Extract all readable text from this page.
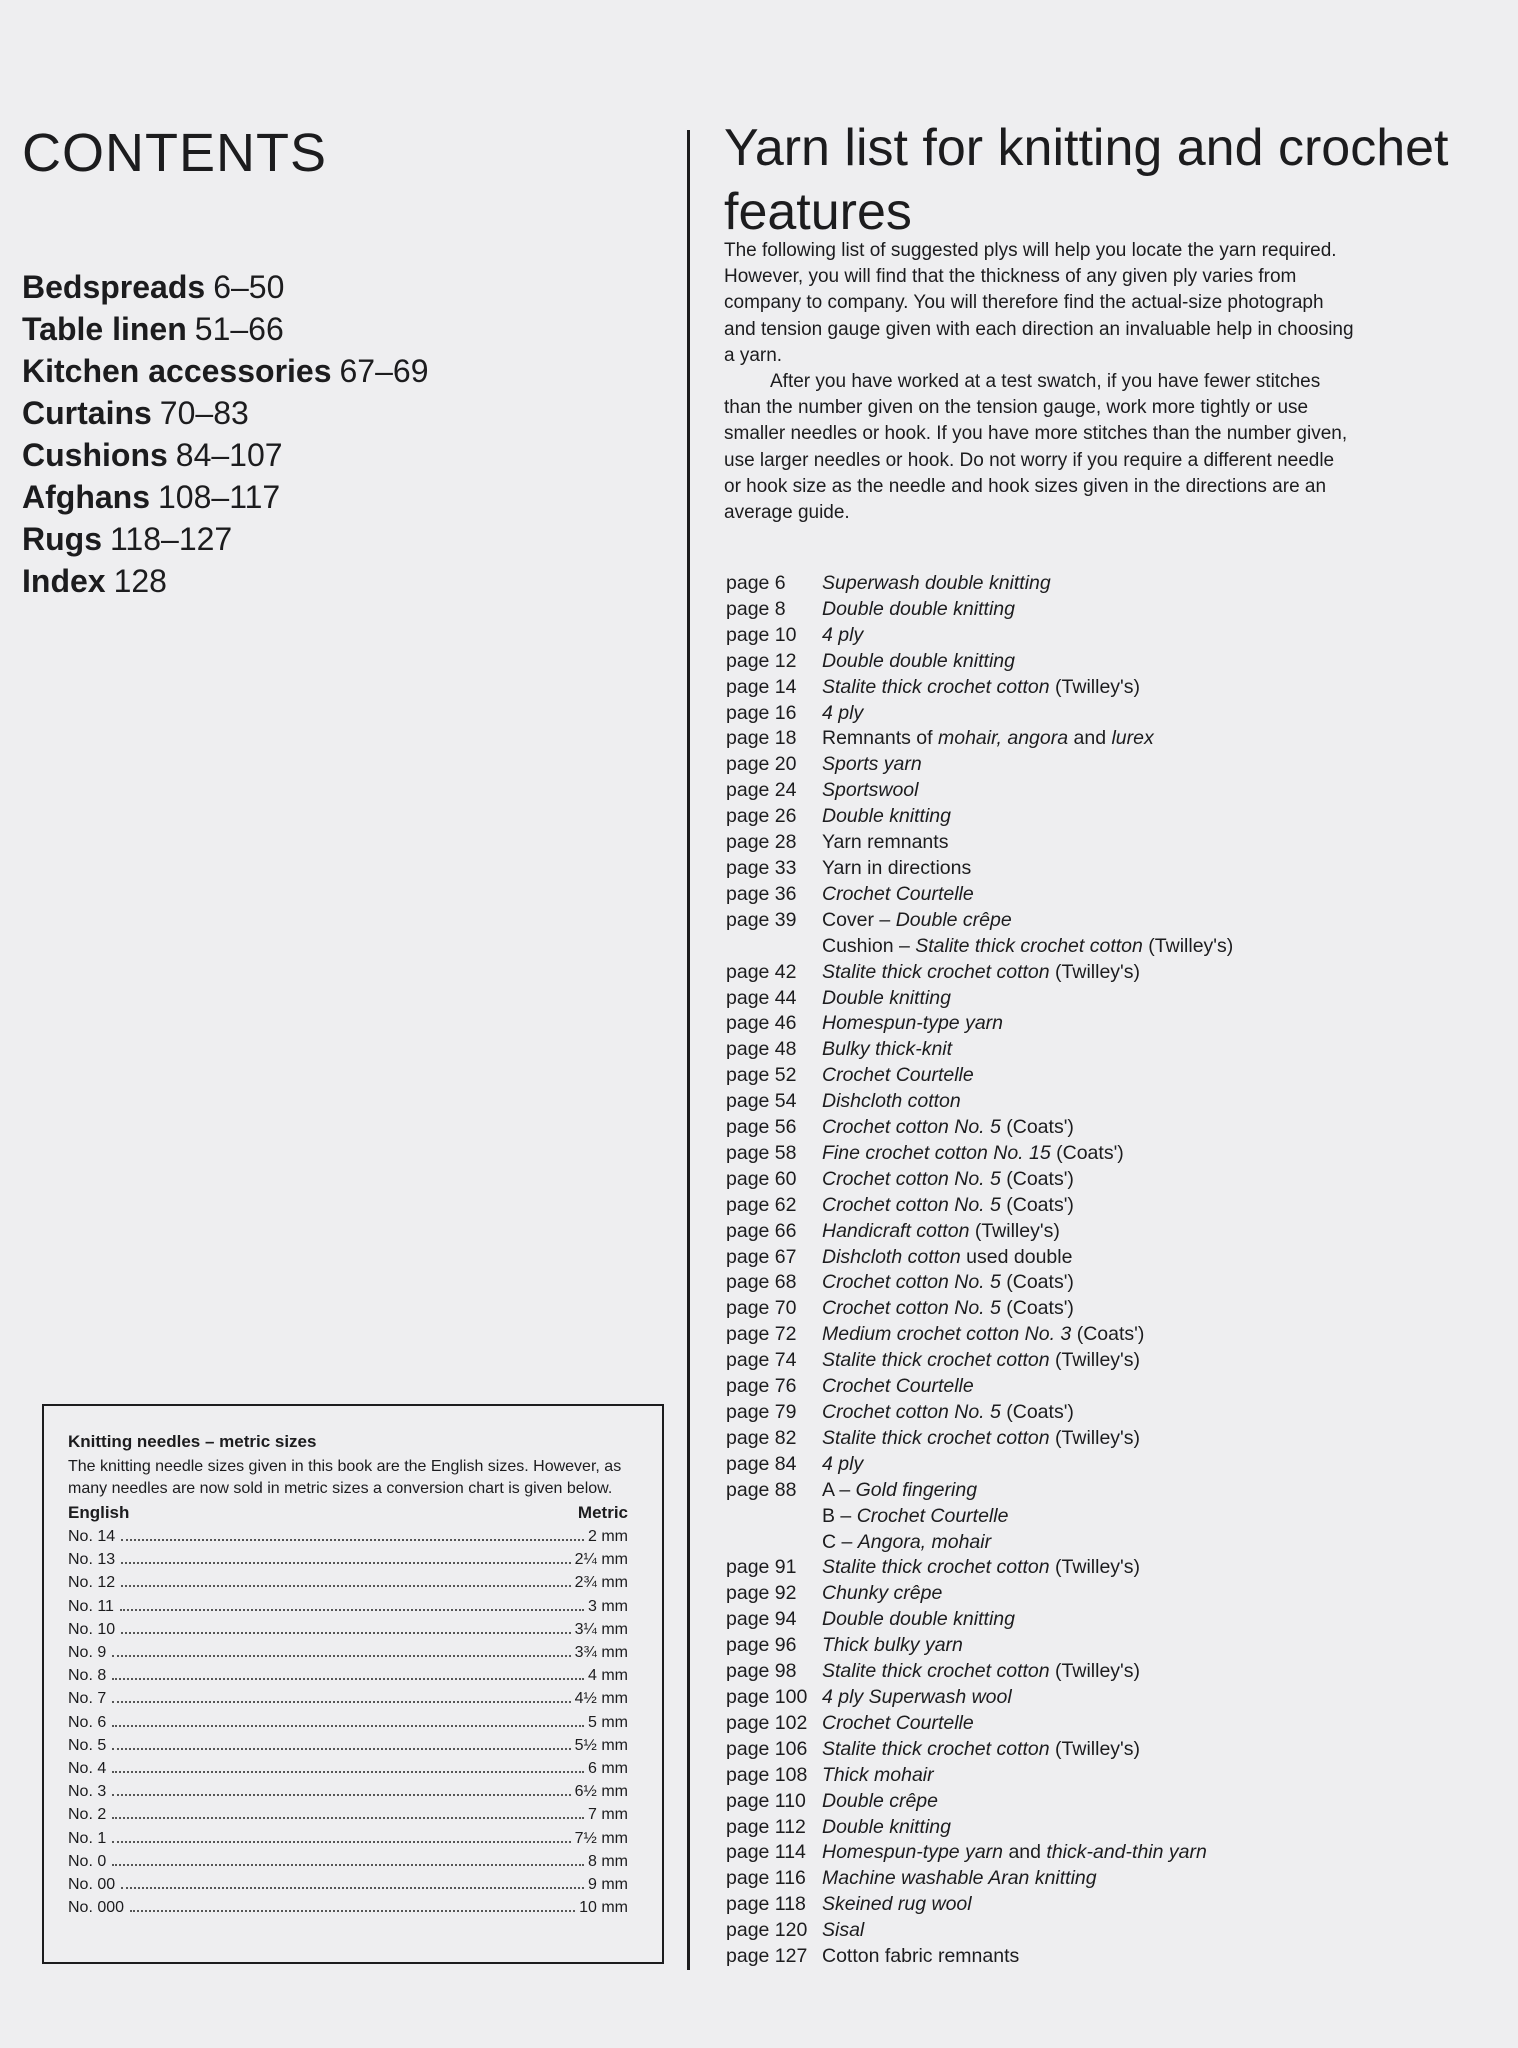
CONTENTS
Bedspreads 6–50
Table linen 51–66
Kitchen accessories 67–69
Curtains 70–83
Cushions 84–107
Afghans 108–117
Rugs 118–127
Index 128
Yarn list for knitting and crochet features

The following list of suggested plys will help you locate the yarn required. However, you will find that the thickness of any given ply varies from company to company. You will therefore find the actual-size photograph and tension gauge given with each direction an invaluable help in choosing a yarn.

After you have worked at a test swatch, if you have fewer stitches than the number given on the tension gauge, work more tightly or use smaller needles or hook. If you have more stitches than the number given, use larger needles or hook. Do not worry if you require a different needle or hook size as the needle and hook sizes given in the directions are an average guide.

page 6	Superwash double knitting
page 8	Double double knitting
page 10	4 ply
page 12	Double double knitting
page 14	Stalite thick crochet cotton (Twilley's)
page 16	4 ply
page 18	Remnants of mohair, angora and lurex
page 20	Sports yarn
page 24	Sportswool
page 26	Double knitting
page 28	Yarn remnants
page 33	Yarn in directions
page 36	Crochet Courtelle
page 39	Cover – Double crêpe
Cushion – Stalite thick crochet cotton (Twilley's)
page 42	Stalite thick crochet cotton (Twilley's)
page 44	Double knitting
page 46	Homespun-type yarn
page 48	Bulky thick-knit
page 52	Crochet Courtelle
page 54	Dishcloth cotton
page 56	Crochet cotton No. 5 (Coats')
page 58	Fine crochet cotton No. 15 (Coats')
page 60	Crochet cotton No. 5 (Coats')
page 62	Crochet cotton No. 5 (Coats')
page 66	Handicraft cotton (Twilley's)
page 67	Dishcloth cotton used double
page 68	Crochet cotton No. 5 (Coats')
page 70	Crochet cotton No. 5 (Coats')
page 72	Medium crochet cotton No. 3 (Coats')
page 74	Stalite thick crochet cotton (Twilley's)
page 76	Crochet Courtelle
page 79	Crochet cotton No. 5 (Coats')
page 82	Stalite thick crochet cotton (Twilley's)
page 84	4 ply
page 88	A – Gold fingering
B – Crochet Courtelle
C – Angora, mohair
page 91	Stalite thick crochet cotton (Twilley's)
page 92	Chunky crêpe
page 94	Double double knitting
page 96	Thick bulky yarn
page 98	Stalite thick crochet cotton (Twilley's)
page 100 4 ply Superwash wool
page 102 Crochet Courtelle
page 106 Stalite thick crochet cotton (Twilley's)
page 108 Thick mohair
page 110 Double crêpe
page 112 Double knitting
page 114 Homespun-type yarn and thick-and-thin yarn
page 116 Machine washable Aran knitting
page 118 Skeined rug wool
page 120 Sisal
page 127 Cotton fabric remnants

Knitting needles – metric sizes

The knitting needle sizes given in this book are the English sizes. However, as many needles are now sold in metric sizes a conversion chart is given below.

English	Metric
No. 14	2 mm
No. 13	2¼ mm
No. 12	2¾ mm
No. 11	3 mm
No. 10	3¼ mm
No. 9	3¾ mm
No. 8	4 mm
No. 7	4½ mm
No. 6	5 mm
No. 5	5½ mm
No. 4	6 mm
No. 3	6½ mm
No. 2	7 mm
No. 1	7½ mm
No. 0	8 mm
No. 00	9 mm
No. 000	10 mm
